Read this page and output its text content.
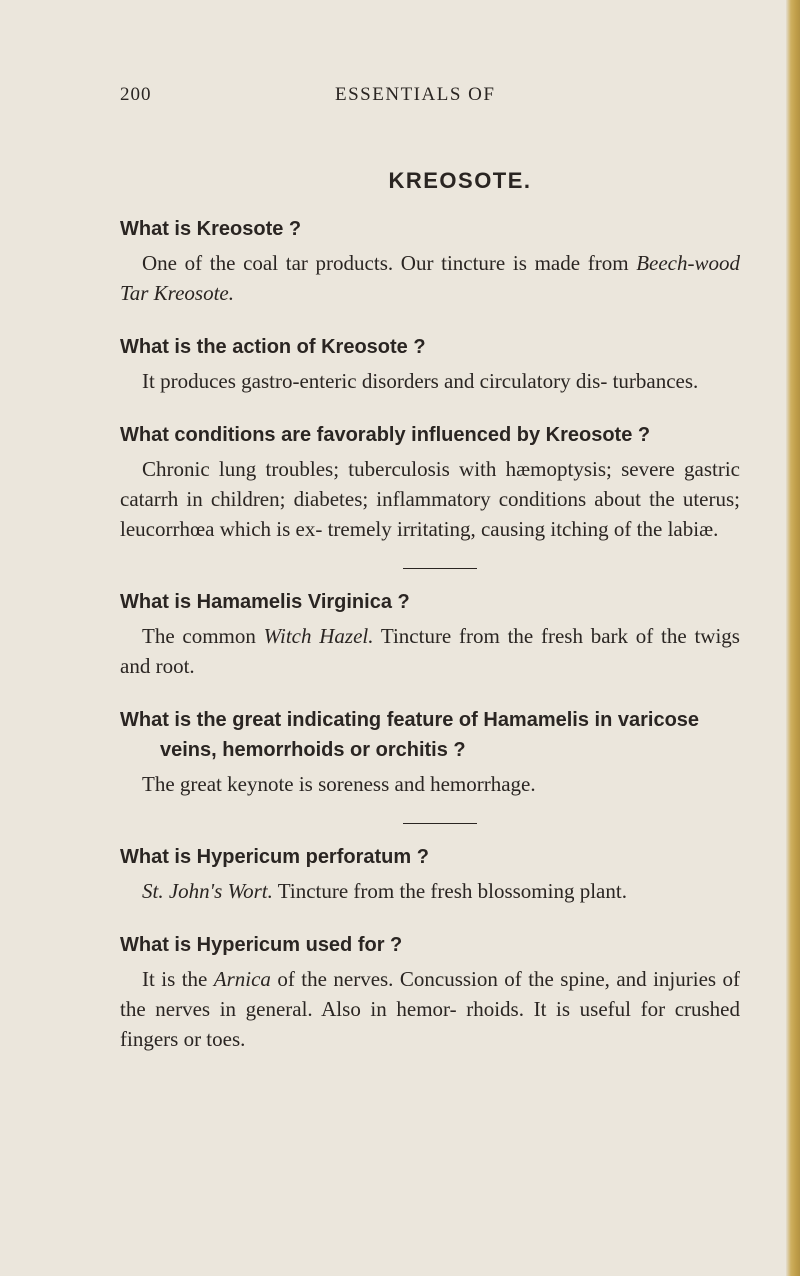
200	ESSENTIALS OF
KREOSOTE.

What is Kreosote ?

One of the coal tar products. Our tincture is made from Beech-wood Tar Kreosote.

What is the action of Kreosote ?

It produces gastro-enteric disorders and circulatory dis- turbances.

What conditions are favorably influenced by Kreosote ?

Chronic lung troubles; tuberculosis with hæmoptysis; severe gastric catarrh in children; diabetes; inflammatory conditions about the uterus; leucorrhœa which is ex- tremely irritating, causing itching of the labiæ.

What is Hamamelis Virginica ?

The common Witch Hazel. Tincture from the fresh bark of the twigs and root.

What is the great indicating feature of Hamamelis in varicose veins, hemorrhoids or orchitis ?

The great keynote is soreness and hemorrhage.

What is Hypericum perforatum ?

St. John's Wort. Tincture from the fresh blossoming plant.

What is Hypericum used for ?

It is the Arnica of the nerves. Concussion of the spine, and injuries of the nerves in general. Also in hemor- rhoids. It is useful for crushed fingers or toes.
